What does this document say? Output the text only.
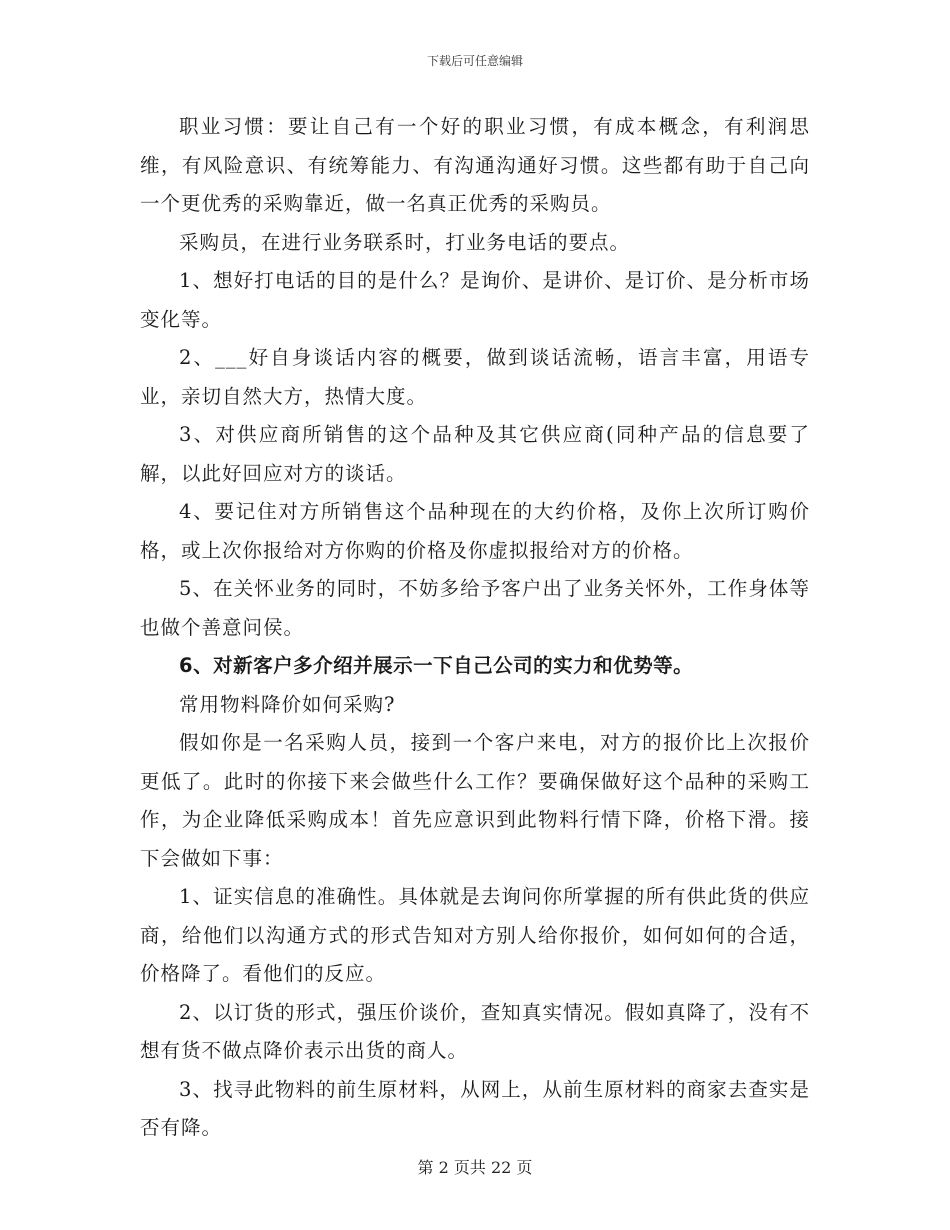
下载后可任意编辑

职业习惯：要让自己有一个好的职业习惯，有成本概念，有利润思维，有风险意识、有统筹能力、有沟通沟通好习惯。这些都有助于自己向一个更优秀的采购靠近，做一名真正优秀的采购员。

采购员，在进行业务联系时，打业务电话的要点。

1、想好打电话的目的是什么？是询价、是讲价、是订价、是分析市场变化等。

2、___好自身谈话内容的概要，做到谈话流畅，语言丰富，用语专业，亲切自然大方，热情大度。

3、对供应商所销售的这个品种及其它供应商(同种产品的信息要了解，以此好回应对方的谈话。

4、要记住对方所销售这个品种现在的大约价格，及你上次所订购价格，或上次你报给对方你购的价格及你虚拟报给对方的价格。

5、在关怀业务的同时，不妨多给予客户出了业务关怀外，工作身体等也做个善意问侯。

6、对新客户多介绍并展示一下自己公司的实力和优势等。

常用物料降价如何采购?

假如你是一名采购人员，接到一个客户来电，对方的报价比上次报价更低了。此时的你接下来会做些什么工作？要确保做好这个品种的采购工作，为企业降低采购成本！首先应意识到此物料行情下降，价格下滑。接下会做如下事：

1、证实信息的准确性。具体就是去询问你所掌握的所有供此货的供应商，给他们以沟通方式的形式告知对方别人给你报价，如何如何的合适，价格降了。看他们的反应。

2、以订货的形式，强压价谈价，查知真实情况。假如真降了，没有不想有货不做点降价表示出货的商人。

3、找寻此物料的前生原材料，从网上，从前生原材料的商家去查实是否有降。

第 2 页共 22 页
